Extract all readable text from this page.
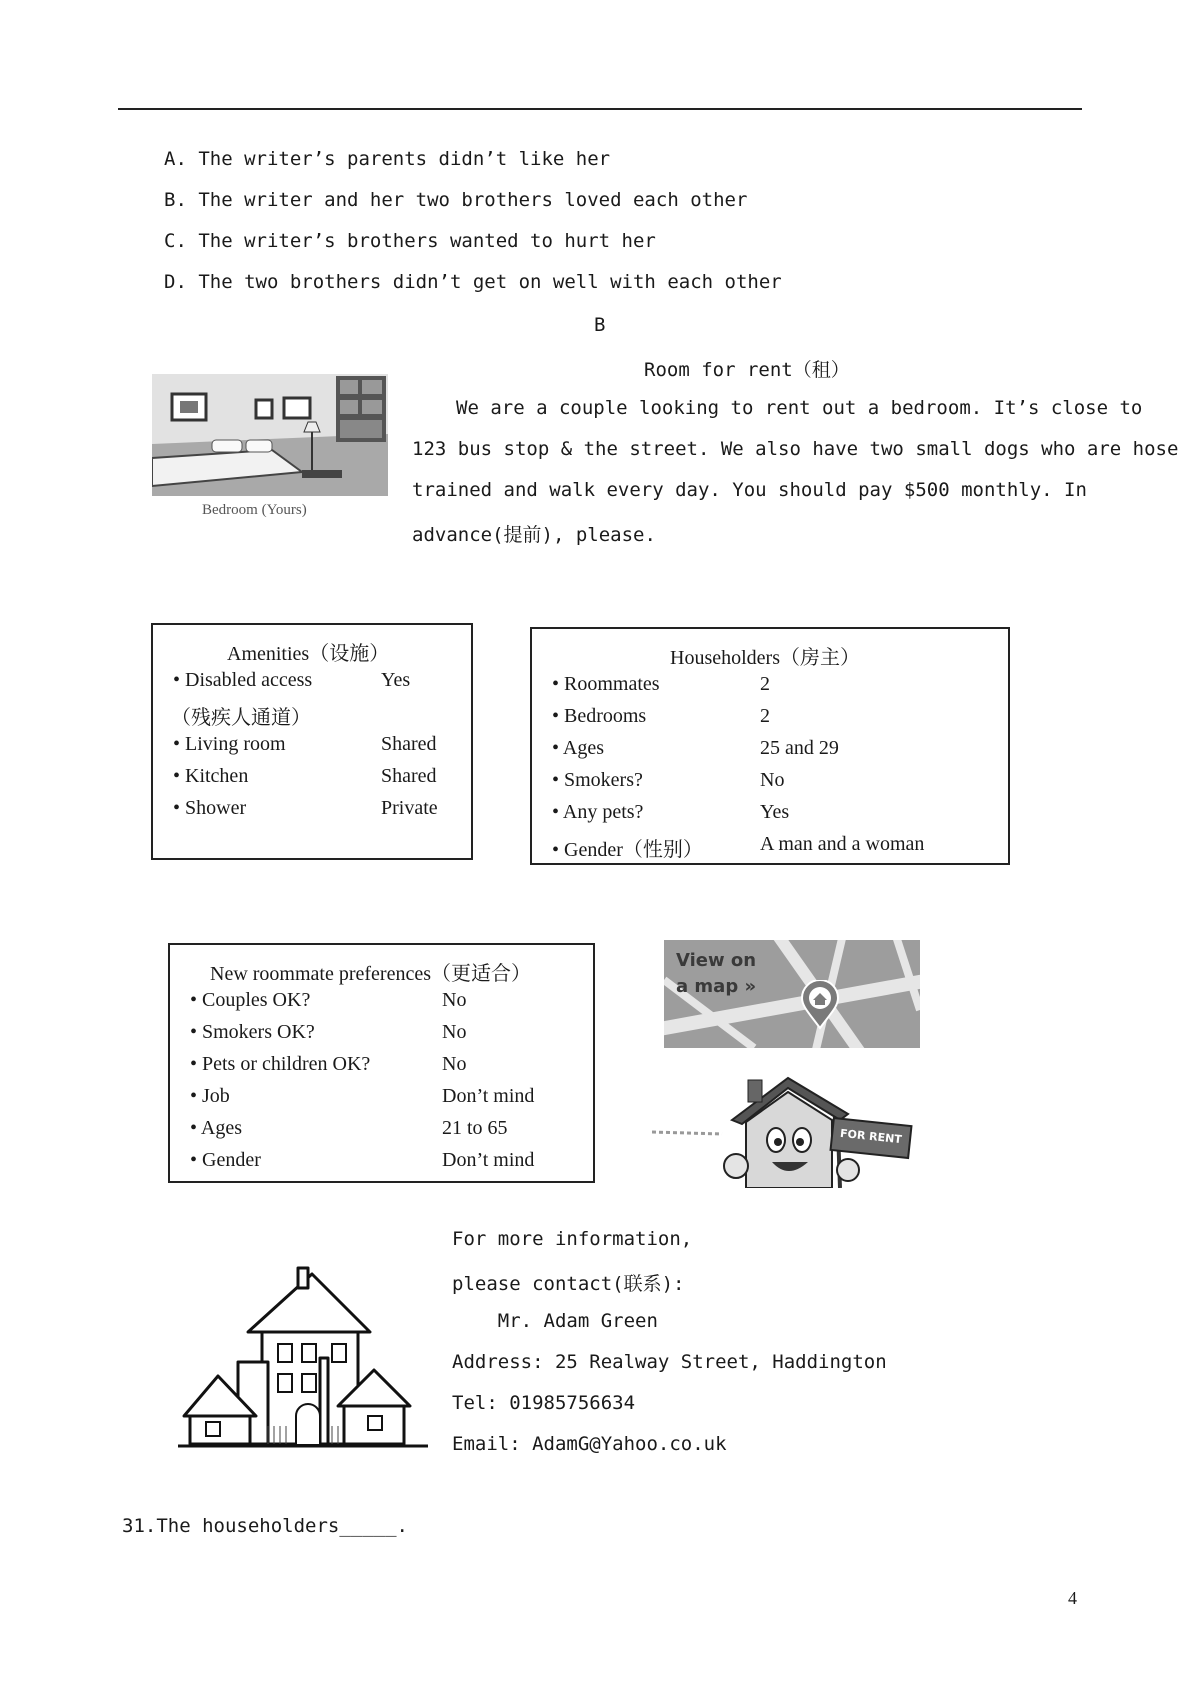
A. The writer’s parents didn’t like her
B. The writer and her two brothers loved each other
C. The writer’s brothers wanted to hurt her
D. The two brothers didn’t get on well with each other
B
Room for rent（租）
Bedroom (Yours)
We are a couple looking to rent out a bedroom. It’s close to
123 bus stop & the street. We also have two small dogs who are hose
trained and walk every day. You should pay $500 monthly. In
advance(提前), please.
Amenities（设施）
• Disabled access	Yes
（残疾人通道）
• Living room	Shared
• Kitchen	Shared
• Shower	Private
Householders（房主）
• Roommates	2
• Bedrooms	2
• Ages	25 and 29
• Smokers?	No
• Any pets?	Yes
• Gender（性别）	A man and a woman
New roommate preferences（更适合）
• Couples OK?	No
• Smokers OK?	No
• Pets or children OK?	No
• Job	Don’t mind
• Ages	21 to 65
• Gender	Don’t mind
View on
a map »
FOR RENT
For more information,
please contact(联系):
Mr. Adam Green
Address: 25 Realway Street, Haddington
Tel: 01985756634
Email: AdamG@Yahoo.co.uk
31.The householders_____.
4
